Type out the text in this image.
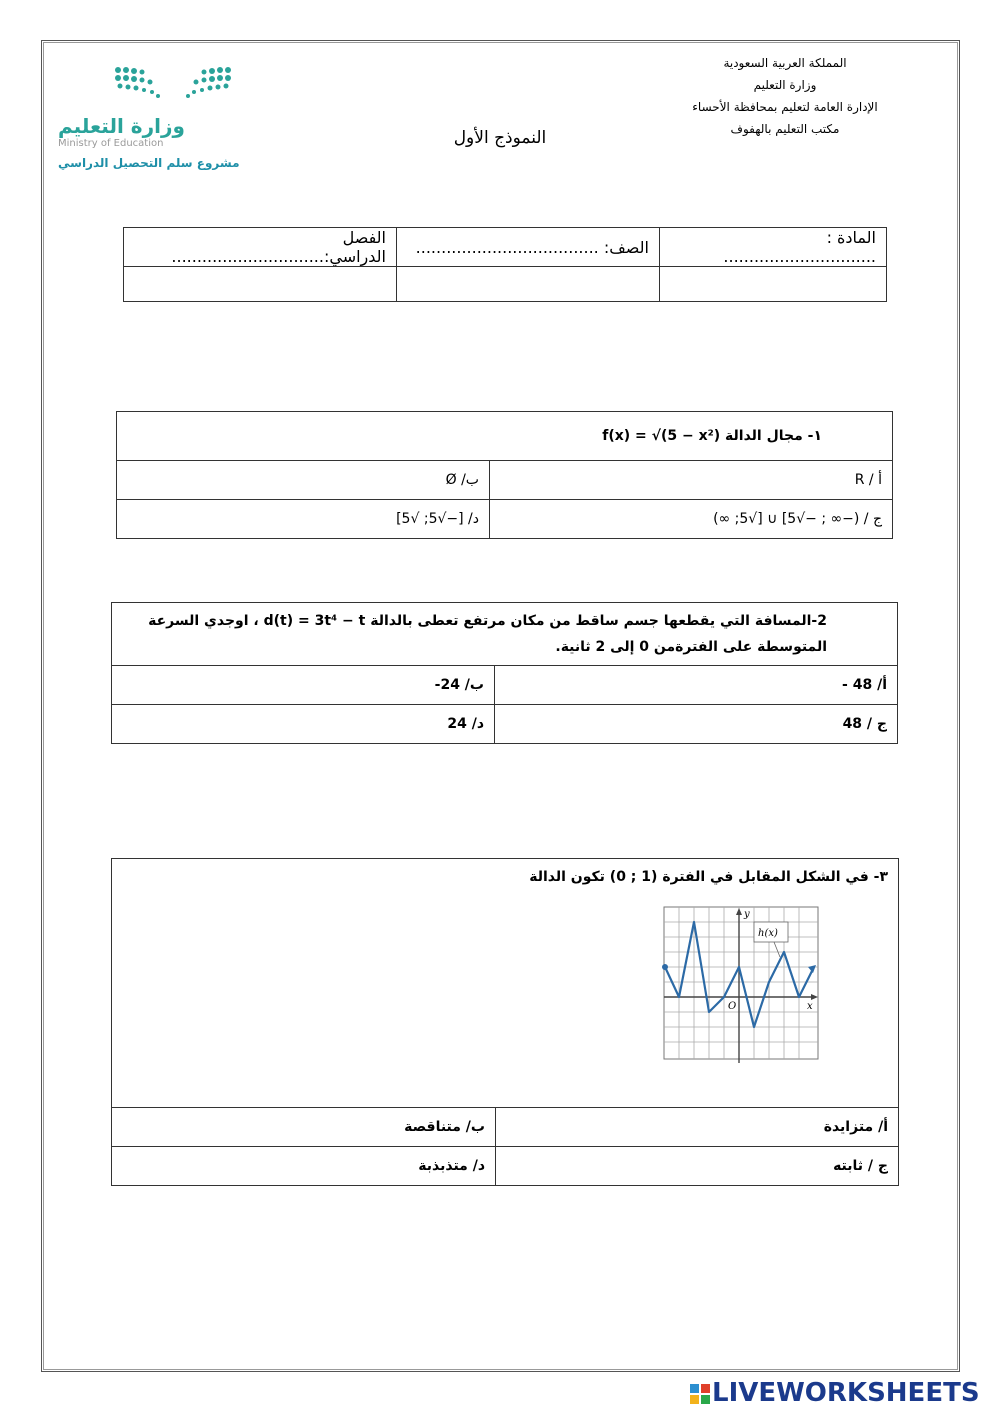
المملكة العربية السعودية
وزارة التعليم
الإدارة العامة لتعليم بمحافظة الأحساء
مكتب التعليم بالهفوف
النموذج الأول
وزارة التعليم
Ministry of Education
مشروع سلم التحصيل الدراسي
المادة : ..............................	الصف: ....................................	الفصل الدراسي:..............................

١- مجال الدالة f(x) = √(5 − x²)	
أ / R	ب/ Ø
ج / (−∞ ; −√5] ∪ [√5; ∞)	د/ [−√5; √5]
2-المسافة التي يقطعها جسم ساقط من مكان مرتفع تعطى بالدالة d(t) = 3t⁴ − t ، اوجدي السرعة
المتوسطة على الفترةمن 0 إلى 2 ثانية.	

أ/ 48 -	ب/ 24-
ج / 48	د/ 24
٣- في الشكل المقابل في الفترة (1 ; 0) تكون الدالة	
أ/ متزايدة	ب/ متناقصة
ج / ثابته	د/ متذبذبة
y
x
O
h(x)
LIVEWORKSHEETS
